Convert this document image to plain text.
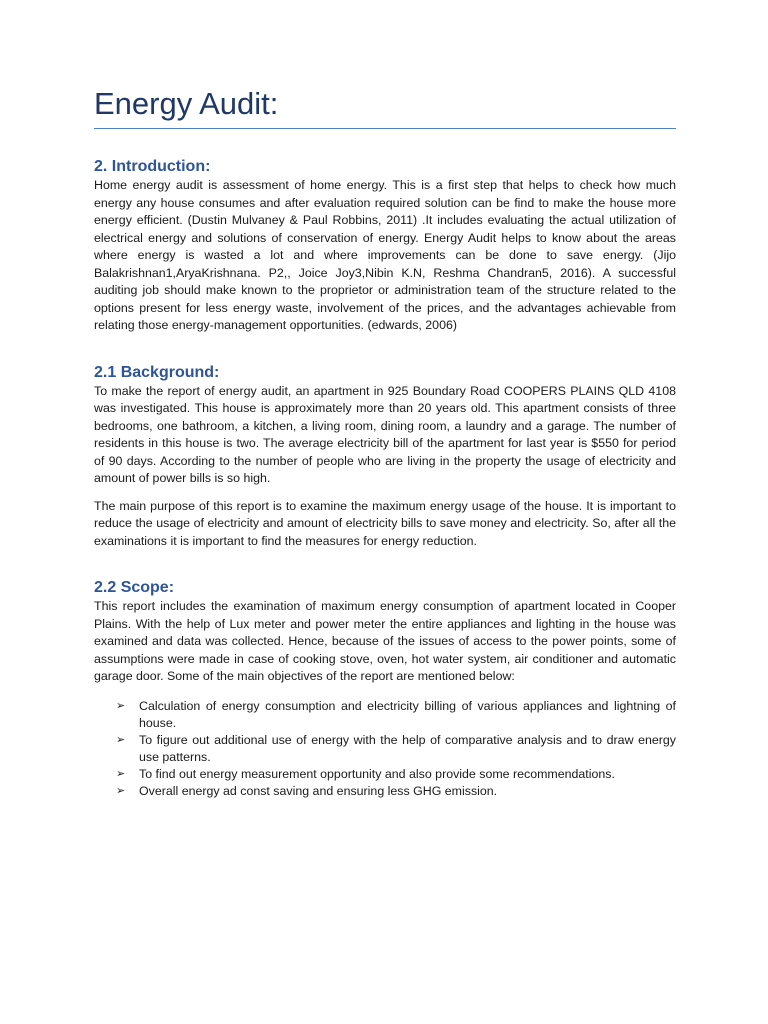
Energy Audit:
2. Introduction:

Home energy audit is assessment of home energy. This is a first step that helps to check how much energy any house consumes and after evaluation required solution can be find to make the house more energy efficient. (Dustin Mulvaney & Paul Robbins, 2011) .It includes evaluating the actual utilization of electrical energy and solutions of conservation of energy. Energy Audit helps to know about the areas where energy is wasted a lot and where improvements can be done to save energy. (Jijo Balakrishnan1,AryaKrishnana. P2,, Joice Joy3,Nibin K.N, Reshma Chandran5, 2016). A successful auditing job should make known to the proprietor or administration team of the structure related to the options present for less energy waste, involvement of the prices, and the advantages achievable from relating those energy-management opportunities. (edwards, 2006)

2.1 Background:

To make the report of energy audit, an apartment in 925 Boundary Road COOPERS PLAINS QLD 4108 was investigated. This house is approximately more than 20 years old. This apartment consists of three bedrooms, one bathroom, a kitchen, a living room, dining room, a laundry and a garage. The number of residents in this house is two. The average electricity bill of the apartment for last year is $550 for period of 90 days. According to the number of people who are living in the property the usage of electricity and amount of power bills is so high.

The main purpose of this report is to examine the maximum energy usage of the house. It is important to reduce the usage of electricity and amount of electricity bills to save money and electricity. So, after all the examinations it is important to find the measures for energy reduction.

2.2 Scope:

This report includes the examination of maximum energy consumption of apartment located in Cooper Plains. With the help of Lux meter and power meter the entire appliances and lighting in the house was examined and data was collected. Hence, because of the issues of access to the power points, some of assumptions were made in case of cooking stove, oven, hot water system, air conditioner and automatic garage door. Some of the main objectives of the report are mentioned below:

➢ Calculation of energy consumption and electricity billing of various appliances and lightning of house.
➢ To figure out additional use of energy with the help of comparative analysis and to draw energy use patterns.
➢ To find out energy measurement opportunity and also provide some recommendations.
➢ Overall energy ad const saving and ensuring less GHG emission.
